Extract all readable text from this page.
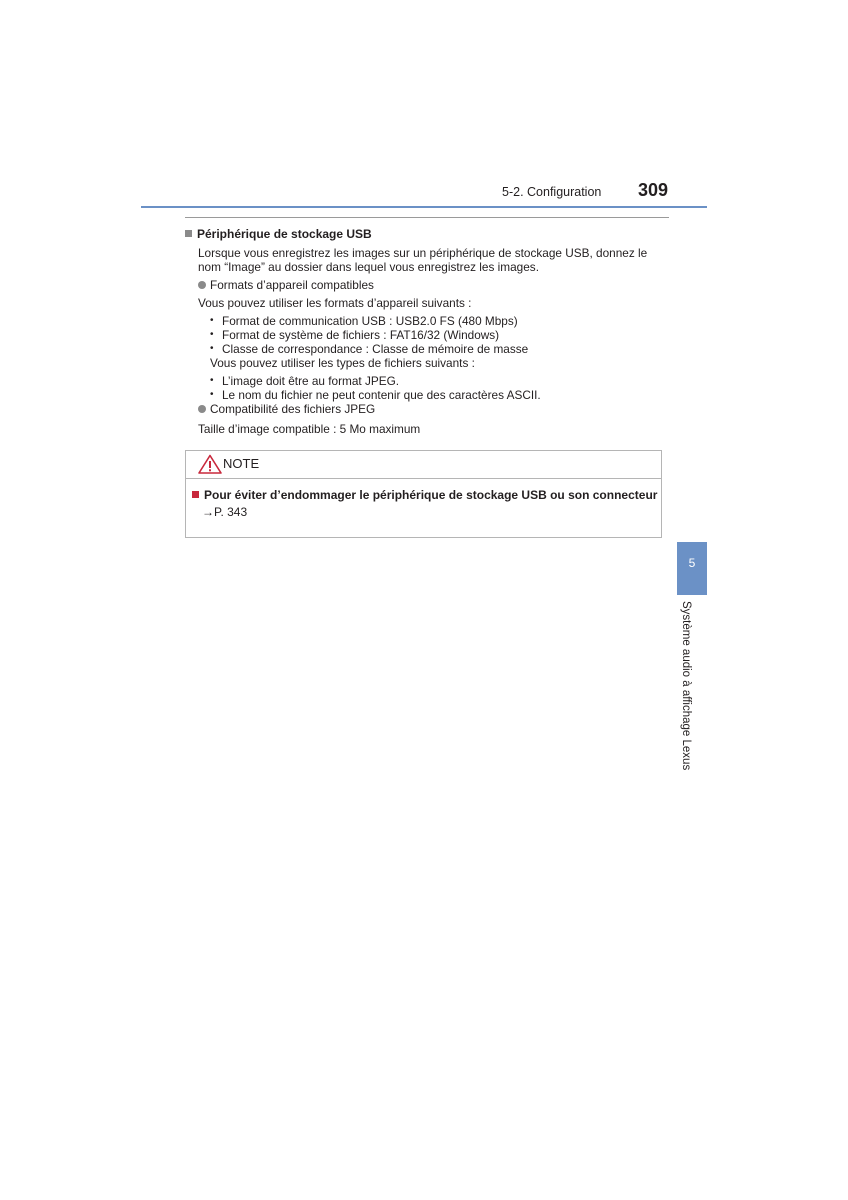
5-2. Configuration 309
Périphérique de stockage USB
Lorsque vous enregistrez les images sur un périphérique de stockage USB, donnez le
nom “Image” au dossier dans lequel vous enregistrez les images.
Formats d’appareil compatibles
Vous pouvez utiliser les formats d’appareil suivants :
• Format de communication USB : USB2.0 FS (480 Mbps)
• Format de système de fichiers : FAT16/32 (Windows)
• Classe de correspondance : Classe de mémoire de masse
Vous pouvez utiliser les types de fichiers suivants :
• L’image doit être au format JPEG.
• Le nom du fichier ne peut contenir que des caractères ASCII.
Compatibilité des fichiers JPEG
Taille d’image compatible : 5 Mo maximum
NOTE
Pour éviter d’endommager le périphérique de stockage USB ou son connecteur
→P. 343
5
Système audio à affichage Lexus
